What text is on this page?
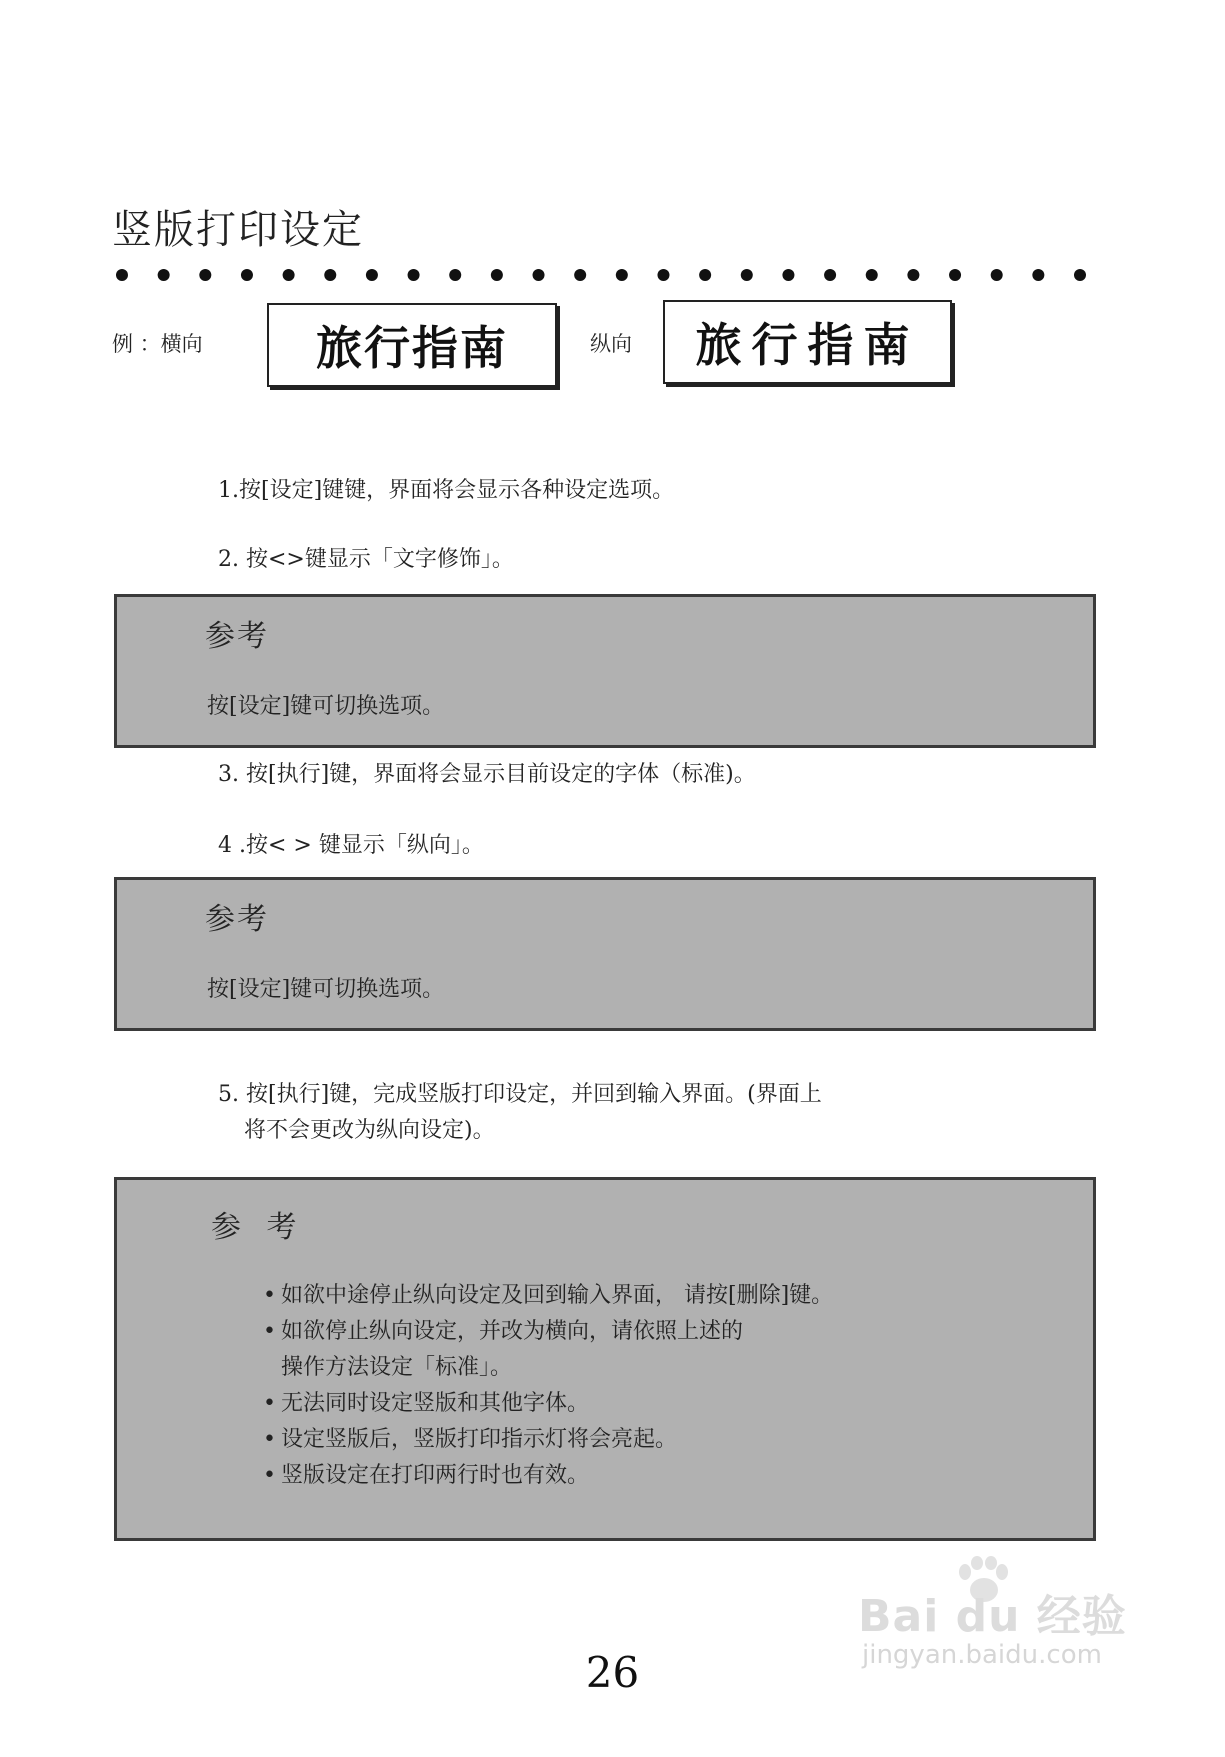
竖版打印设定
例 ：横向 旅行指南	纵向 旅行指南
1.按[设定]键键，界面将会显示各种设定选项。
2. 按<>键显示「文字修饰」。
参考
按[设定]键可切换选项。
3. 按[执行]键，界面将会显示目前设定的字体（标准)。
4 .按< > 键显示「纵向」。
参考
按[设定]键可切换选项。
5. 按[执行]键，完成竖版打印设定，并回到输入界面。(界面上
将不会更改为纵向设定)。
参 考
• 如欲中途停止纵向设定及回到输入界面， 请按[删除]键。
• 如欲停止纵向设定，并改为横向，请依照上述的
操作方法设定「标准」。
• 无法同时设定竖版和其他字体。
• 设定竖版后，竖版打印指示灯将会亮起。
• 竖版设定在打印两行时也有效。
Bai du 经验
jingyan.baidu.com
26
